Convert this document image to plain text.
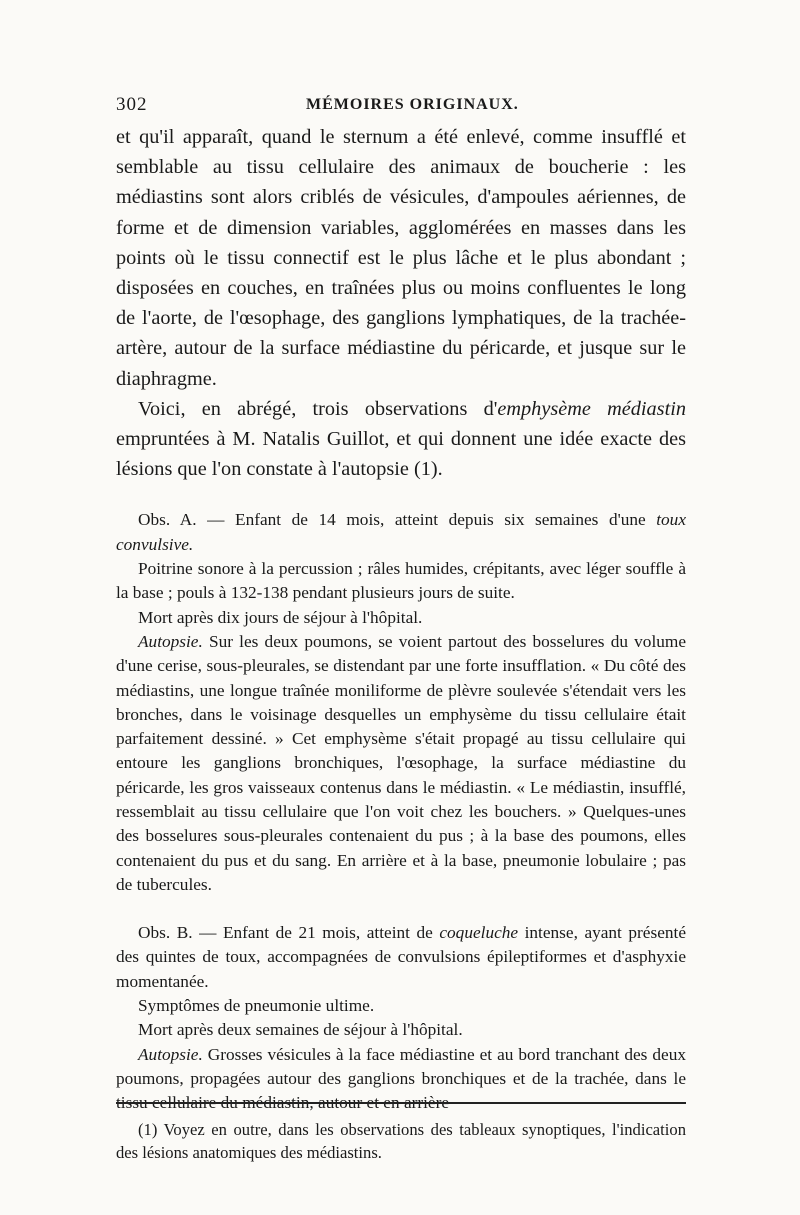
302	MÉMOIRES ORIGINAUX.

et qu'il apparaît, quand le sternum a été enlevé, comme insufflé et semblable au tissu cellulaire des animaux de boucherie : les médiastins sont alors criblés de vésicules, d'ampoules aériennes, de forme et de dimension variables, agglomérées en masses dans les points où le tissu connectif est le plus lâche et le plus abondant ; disposées en couches, en traînées plus ou moins confluentes le long de l'aorte, de l'œsophage, des ganglions lymphatiques, de la trachée-artère, autour de la surface médiastine du péricarde, et jusque sur le diaphragme.

Voici, en abrégé, trois observations d'emphysème médiastin empruntées à M. Natalis Guillot, et qui donnent une idée exacte des lésions que l'on constate à l'autopsie (1).

Obs. A. — Enfant de 14 mois, atteint depuis six semaines d'une toux convulsive.

Poitrine sonore à la percussion ; râles humides, crépitants, avec léger souffle à la base ; pouls à 132-138 pendant plusieurs jours de suite.

Mort après dix jours de séjour à l'hôpital.

Autopsie. Sur les deux poumons, se voient partout des bosselures du volume d'une cerise, sous-pleurales, se distendant par une forte insufflation. « Du côté des médiastins, une longue traînée moniliforme de plèvre soulevée s'étendait vers les bronches, dans le voisinage desquelles un emphysème du tissu cellulaire était parfaitement dessiné. » Cet emphysème s'était propagé au tissu cellulaire qui entoure les ganglions bronchiques, l'œsophage, la surface médiastine du péricarde, les gros vaisseaux contenus dans le médiastin. « Le médiastin, insufflé, ressemblait au tissu cellulaire que l'on voit chez les bouchers. » Quelques-unes des bosselures sous-pleurales contenaient du pus ; à la base des poumons, elles contenaient du pus et du sang. En arrière et à la base, pneumonie lobulaire ; pas de tubercules.

Obs. B. — Enfant de 21 mois, atteint de coqueluche intense, ayant présenté des quintes de toux, accompagnées de convulsions épileptiformes et d'asphyxie momentanée.

Symptômes de pneumonie ultime.

Mort après deux semaines de séjour à l'hôpital.

Autopsie. Grosses vésicules à la face médiastine et au bord tranchant des deux poumons, propagées autour des ganglions bronchiques et de la trachée, dans le tissu cellulaire du médiastin, autour et en arrière

(1) Voyez en outre, dans les observations des tableaux synoptiques, l'indication des lésions anatomiques des médiastins.
